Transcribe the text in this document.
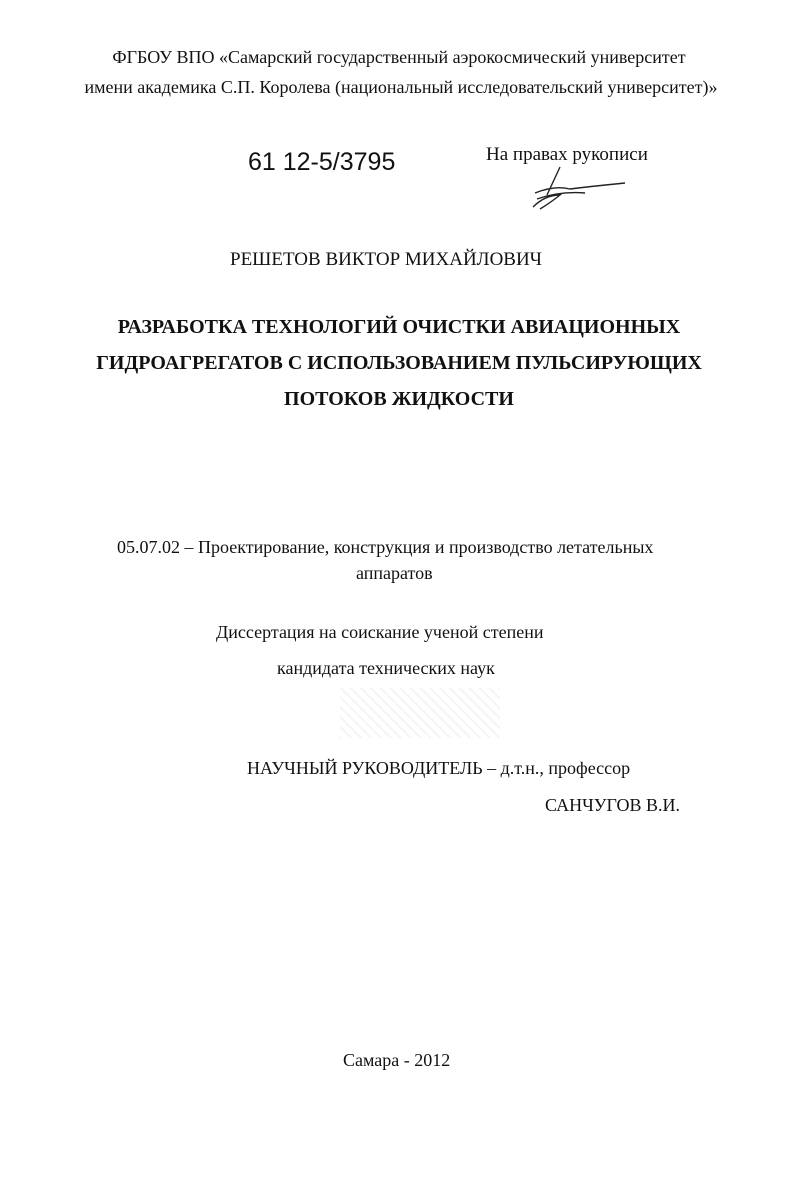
ФГБОУ ВПО «Самарский государственный аэрокосмический университет
имени академика С.П. Королева (национальный исследовательский университет)»
61 12-5/3795	На правах рукописи
РЕШЕТОВ ВИКТОР МИХАЙЛОВИЧ
РАЗРАБОТКА ТЕХНОЛОГИЙ ОЧИСТКИ АВИАЦИОННЫХ
ГИДРОАГРЕГАТОВ С ИСПОЛЬЗОВАНИЕМ ПУЛЬСИРУЮЩИХ
ПОТОКОВ ЖИДКОСТИ
05.07.02 – Проектирование, конструкция и производство летательных
аппаратов
Диссертация на соискание ученой степени
кандидата технических наук
НАУЧНЫЙ РУКОВОДИТЕЛЬ – д.т.н., профессор
САНЧУГОВ В.И.
Самара - 2012
